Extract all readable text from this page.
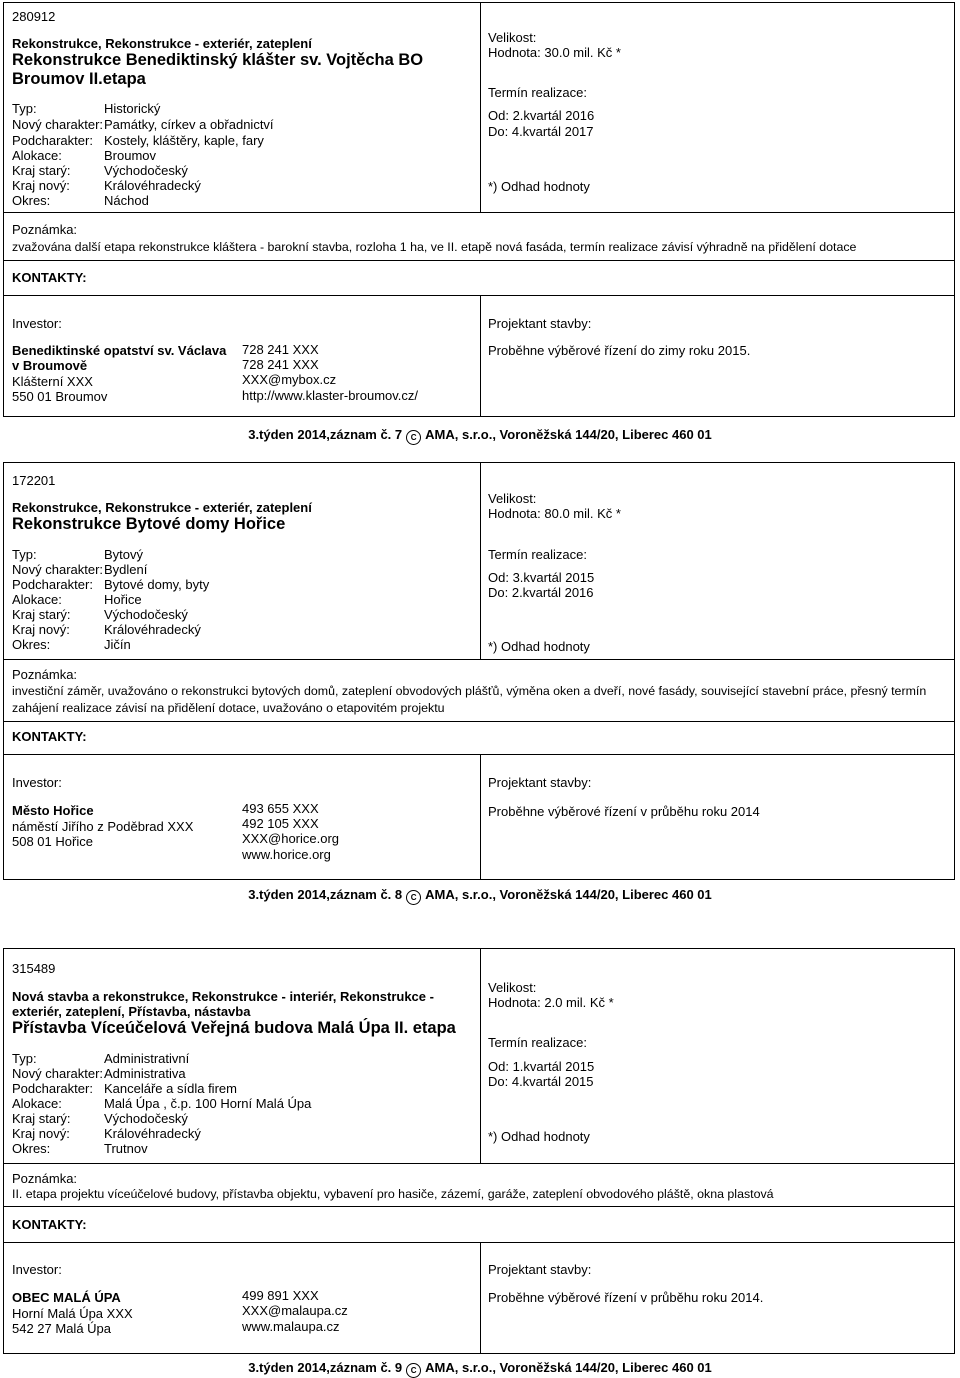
280912
Rekonstrukce, Rekonstrukce - exteriér, zateplení
Rekonstrukce Benediktinský klášter sv. Vojtěcha BO
Broumov II.etapa
Typ:	Historický
Nový charakter:Památky, církev a obřadnictví
Podcharakter: Kostely, kláštěry, kaple, fary
Alokace:	Broumov
Kraj starý:	Východočeský
Kraj nový:	Královéhradecký
Okres:	Náchod
Velikost:
Hodnota: 30.0 mil. Kč *
Termín realizace:
Od: 2.kvartál 2016
Do: 4.kvartál 2017
*) Odhad hodnoty
Poznámka:
zvažována další etapa rekonstrukce kláštera - barokní stavba, rozloha 1 ha, ve II. etapě nová fasáda, termín realizace závisí výhradně na přidělení dotace
KONTAKTY:
Investor:
Benediktinské opatství sv. Václava
v Broumově
Klášterní XXX
550 01 Broumov
728 241 XXX
728 241 XXX
XXX@mybox.cz
http://www.klaster-broumov.cz/
Projektant stavby:
Proběhne výběrové řízení do zimy roku 2015.
3.týden 2014,záznam č. 7 C AMA, s.r.o., Voroněžská 144/20, Liberec 460 01
172201
Rekonstrukce, Rekonstrukce - exteriér, zateplení
Rekonstrukce Bytové domy Hořice
Typ:	Bytový
Nový charakter:Bydlení
Podcharakter: Bytové domy, byty
Alokace:	Hořice
Kraj starý:	Východočeský
Kraj nový:	Královéhradecký
Okres:	Jičín
Velikost:
Hodnota: 80.0 mil. Kč *
Termín realizace:
Od: 3.kvartál 2015
Do: 2.kvartál 2016
*) Odhad hodnoty
Poznámka:
investiční záměr, uvažováno o rekonstrukci bytových domů, zateplení obvodových plášťů, výměna oken a dveří, nové fasády, související stavební práce, přesný termín zahájení realizace závisí na přidělení dotace, uvažováno o etapovitém projektu
KONTAKTY:
Investor:
Město Hořice
náměstí Jiřího z Poděbrad XXX
508 01 Hořice
493 655 XXX
492 105 XXX
XXX@horice.org
www.horice.org
Projektant stavby:
Proběhne výběrové řízení v průběhu roku 2014
3.týden 2014,záznam č. 8 C AMA, s.r.o., Voroněžská 144/20, Liberec 460 01
315489
Nová stavba a rekonstrukce, Rekonstrukce - interiér, Rekonstrukce -
exteriér, zateplení, Přístavba, nástavba
Přístavba Víceúčelová Veřejná budova Malá Úpa II. etapa
Typ:	Administrativní
Nový charakter:Administrativa
Podcharakter: Kanceláře a sídla firem
Alokace:	Malá Úpa , č.p. 100 Horní Malá Úpa
Kraj starý:	Východočeský
Kraj nový:	Královéhradecký
Okres:	Trutnov
Velikost:
Hodnota: 2.0 mil. Kč *
Termín realizace:
Od: 1.kvartál 2015
Do: 4.kvartál 2015
*) Odhad hodnoty
Poznámka:
II. etapa projektu víceúčelové budovy, přístavba objektu, vybavení pro hasiče, zázemí, garáže, zateplení obvodového pláště, okna plastová
KONTAKTY:
Investor:
OBEC MALÁ ÚPA
Horní Malá Úpa XXX
542 27 Malá Úpa
499 891 XXX
XXX@malaupa.cz
www.malaupa.cz
Projektant stavby:
Proběhne výběrové řízení v průběhu roku 2014.
3.týden 2014,záznam č. 9 C AMA, s.r.o., Voroněžská 144/20, Liberec 460 01
